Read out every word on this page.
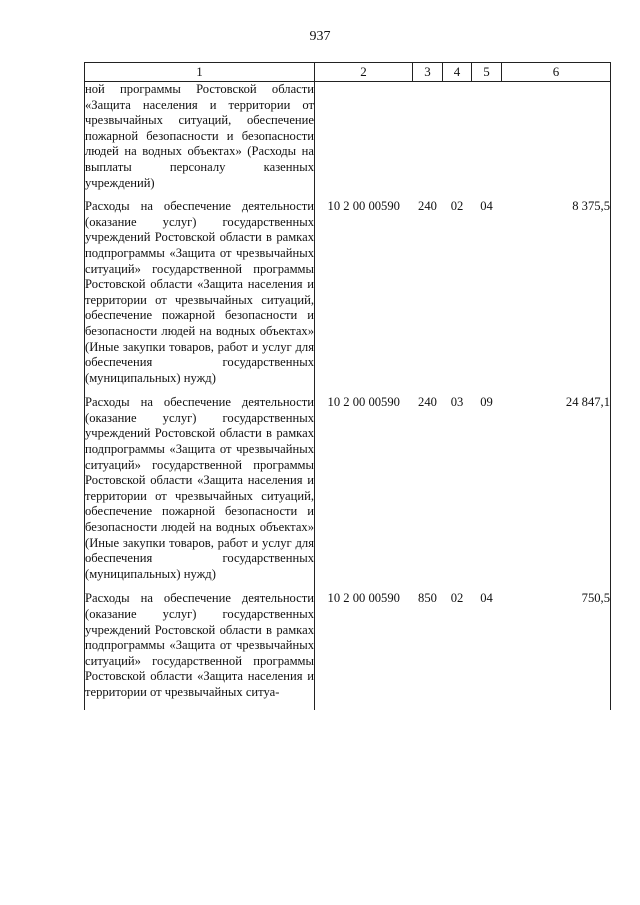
937
1	2	3	4	5	6
ной программы Ростовской области «Защита населения и территории от чрезвычайных ситуаций, обеспечение пожарной безопасности и безопасности людей на водных объектах» (Расходы на выплаты персоналу казенных учреждений)					
Расходы на обеспечение деятельности (оказание услуг) государственных учреждений Ростовской области в рамках подпрограммы «Защита от чрезвычайных ситуаций» государственной программы Ростовской области «Защита населения и территории от чрезвычайных ситуаций, обеспечение пожарной безопасности и безопасности людей на водных объектах» (Иные закупки товаров, работ и услуг для обеспечения государственных (муниципальных) нужд)	10 2 00 00590	240	02	04	8 375,5
Расходы на обеспечение деятельности (оказание услуг) государственных учреждений Ростовской области в рамках подпрограммы «Защита от чрезвычайных ситуаций» государственной программы Ростовской области «Защита населения и территории от чрезвычайных ситуаций, обеспечение пожарной безопасности и безопасности людей на водных объектах» (Иные закупки товаров, работ и услуг для обеспечения государственных (муниципальных) нужд)	10 2 00 00590	240	03	09	24 847,1
Расходы на обеспечение деятельности (оказание услуг) государственных учреждений Ростовской области в рамках подпрограммы «Защита от чрезвычайных ситуаций» государственной программы Ростовской области «Защита населения и территории от чрезвычайных ситуа-	10 2 00 00590	850	02	04	750,5
